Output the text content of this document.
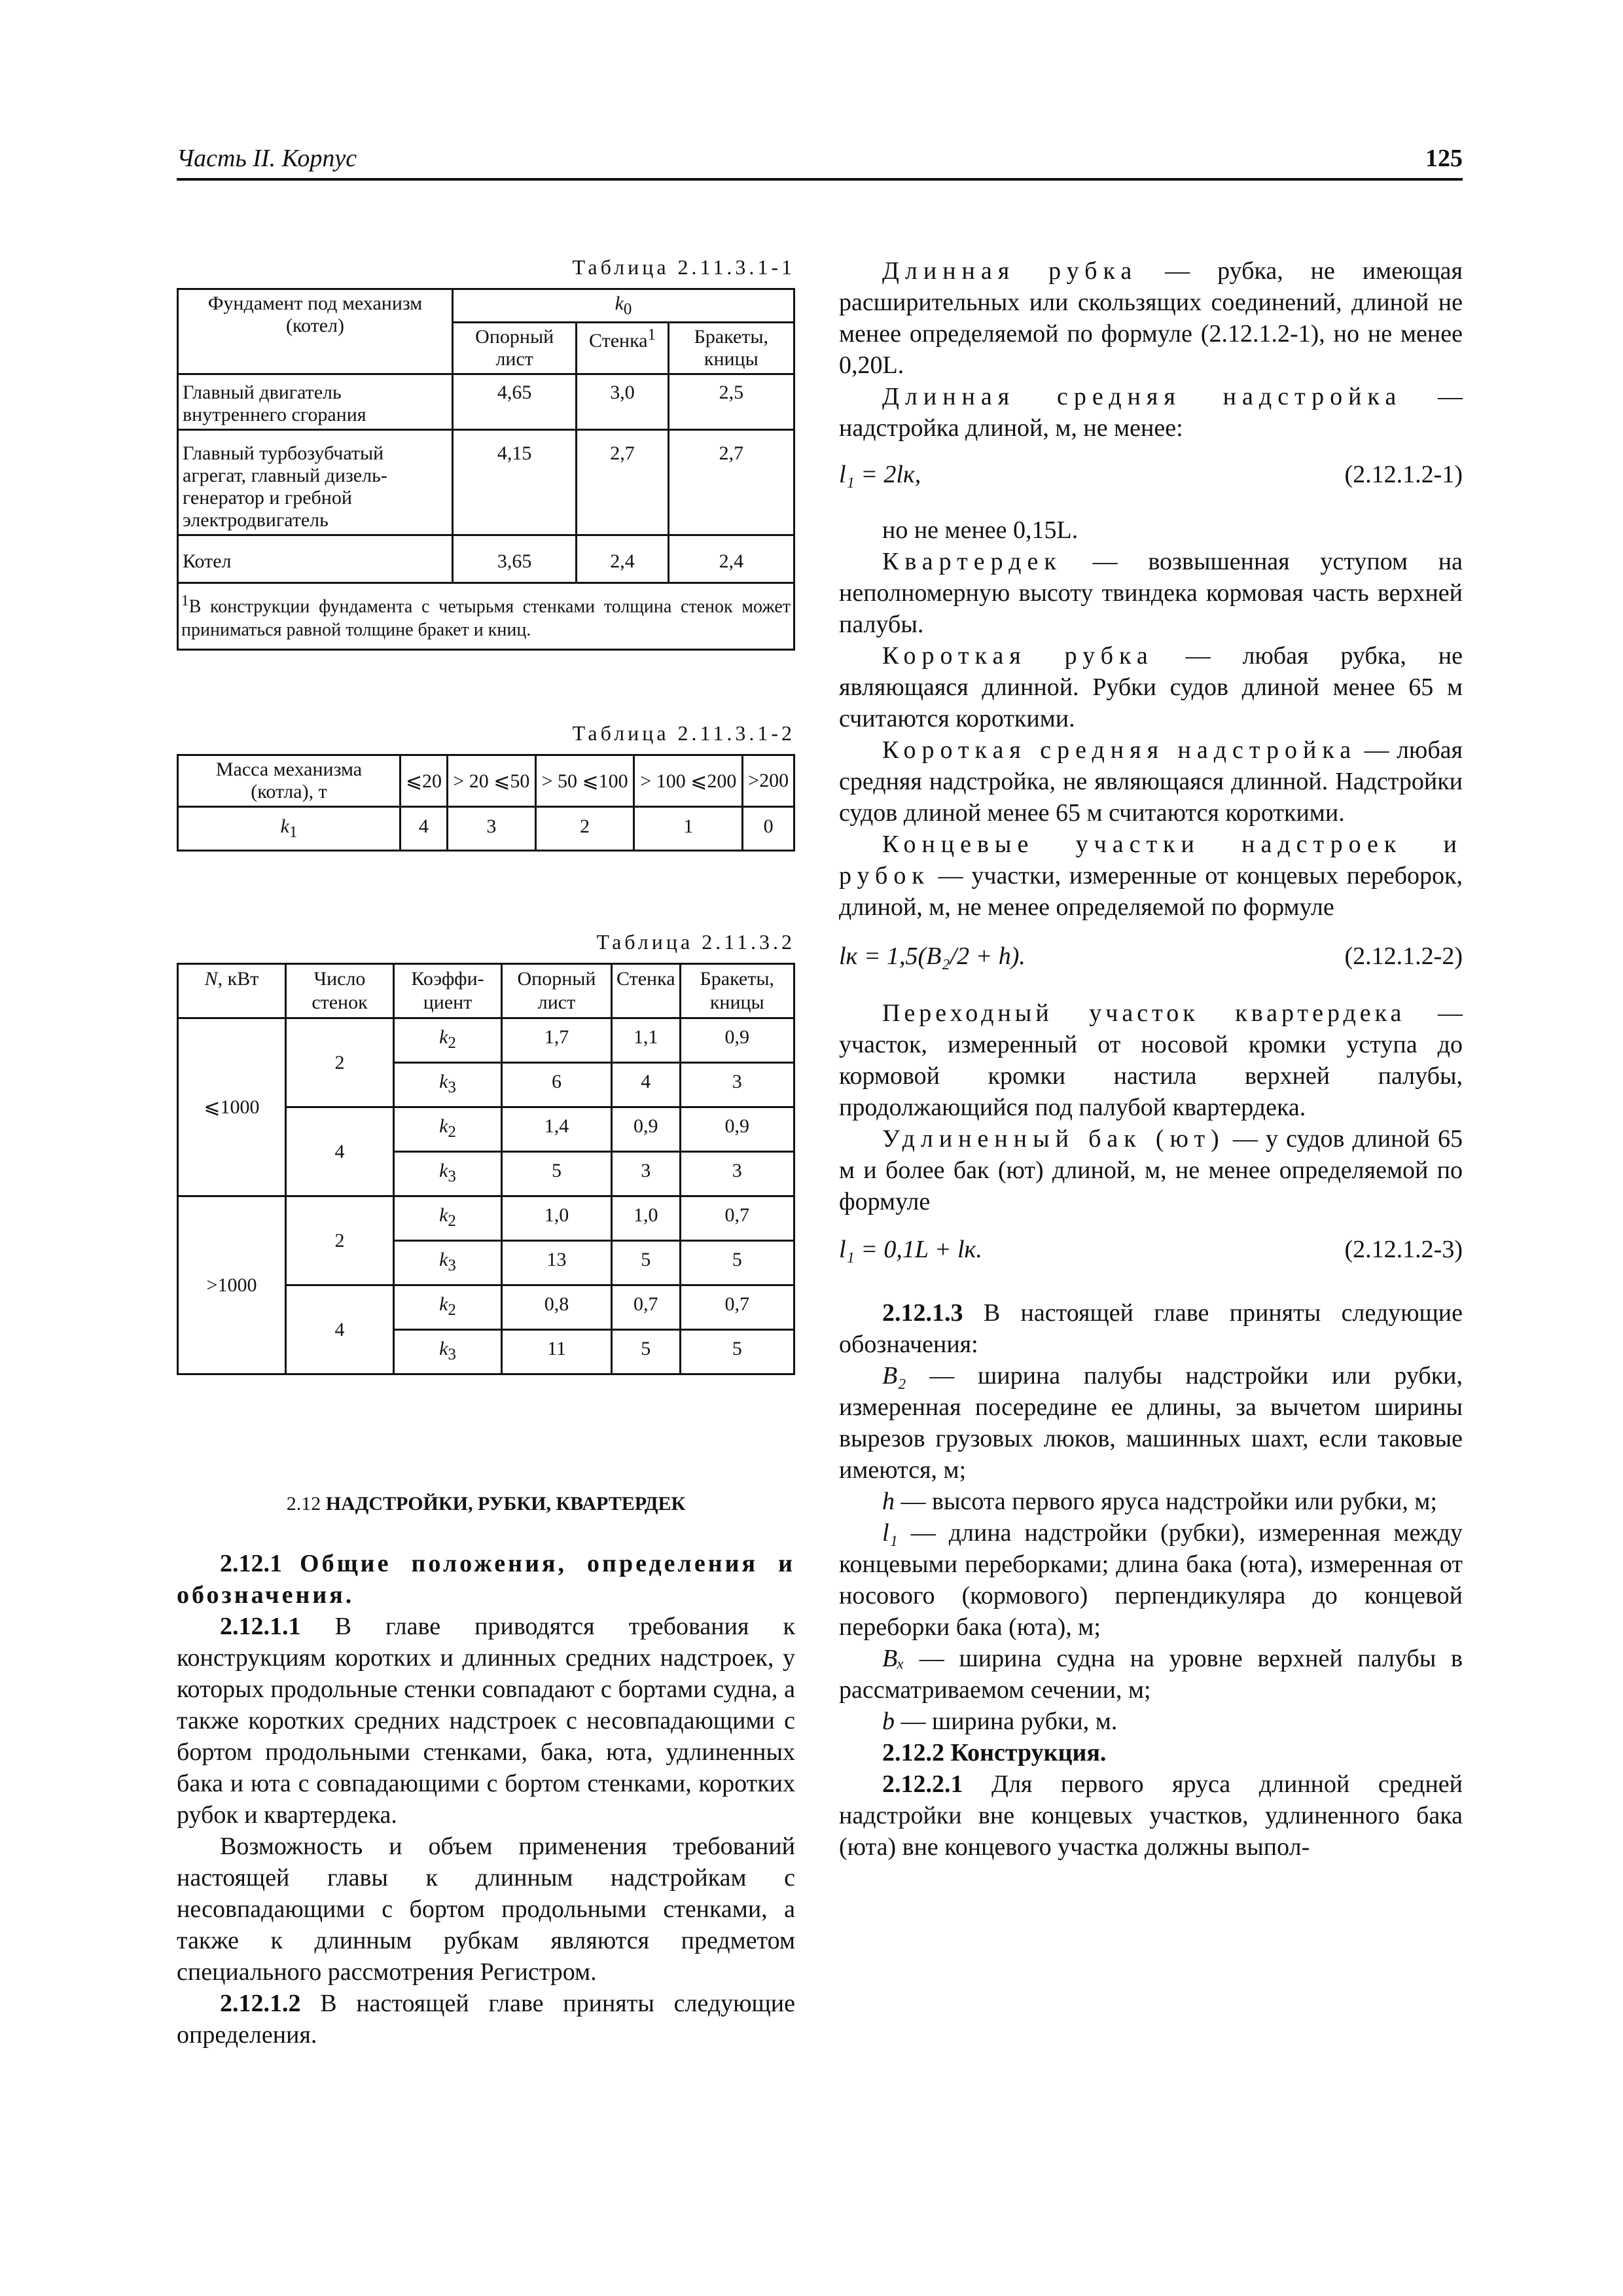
Часть II. Корпус	125
Таблица 2.11.3.1-1
Фундамент под механизм (котел)	$k_0$
	Опорный лист	Стенка$^1$	Бракеты, кницы
Главный двигатель внутреннего сгорания	4,65	3,0	2,5
Главный турбозубчатый агрегат, главный дизель-генератор и гребной электродвигатель	4,15	2,7	2,7
Котел	3,65	2,4	2,4
$^1$В конструкции фундамента с четырьмя стенками толщина стенок может приниматься равной толщине бракет и книц.			
Таблица 2.11.3.1-2
Масса механизма (котла), т	⩽20	> 20 ⩽50	> 50 ⩽100	> 100 ⩽200	>200
$k_1$	4	3	2	1	0
Таблица 2.11.3.2
N, кВт	Число стенок	Коэффи-циент	Опорный лист	Стенка	Бракеты, кницы
⩽1000	2	$k_2$	1,7	1,1	0,9
		$k_3$	6	4	3
	4	$k_2$	1,4	0,9	0,9
		$k_3$	5	3	3
>1000	2	$k_2$	1,0	1,0	0,7
		$k_3$	13	5	5
	4	$k_2$	0,8	0,7	0,7
		$k_3$	11	5	5

2.12 НАДСТРОЙКИ, РУБКИ, КВАРТЕРДЕК

2.12.1 Общие положения, определения и обозначения.

2.12.1.1 В главе приводятся требования к конструкциям коротких и длинных средних надстроек, у которых продольные стенки совпадают с бортами судна, а также коротких средних надстроек с несовпадающими с бортом продольными стенками, бака, юта, удлиненных бака и юта с совпадающими с бортом стенками, коротких рубок и квартердека.

Возможность и объем применения требований настоящей главы к длинным надстройкам с несовпадающими с бортом продольными стенками, а также к длинным рубкам являются предметом специального рассмотрения Регистром.

2.12.1.2 В настоящей главе приняты следующие определения.

Длинная рубка — рубка, не имеющая расширительных или скользящих соединений, длиной не менее определяемой по формуле (2.12.1.2-1), но не менее 0,20L.

Длинная средняя надстройка — надстройка длиной, м, не менее:

l₁ = 2lк,	(2.12.1.2-1)

но не менее 0,15L.

Квартердек — возвышенная уступом на неполномерную высоту твиндека кормовая часть верхней палубы.

Короткая рубка — любая рубка, не являющаяся длинной. Рубки судов длиной менее 65 м считаются короткими.

Короткая средняя надстройка — любая средняя надстройка, не являющаяся длинной. Надстройки судов длиной менее 65 м считаются короткими.

Концевые участки надстроек и рубок — участки, измеренные от концевых переборок, длиной, м, не менее определяемой по формуле

lк = 1,5(B₂/2 + h).	(2.12.1.2-2)

Переходный участок квартердека — участок, измеренный от носовой кромки уступа до кормовой кромки настила верхней палубы, продолжающийся под палубой квартердека.

Удлиненный бак (ют) — у судов длиной 65 м и более бак (ют) длиной, м, не менее определяемой по формуле

l₁ = 0,1L + lк.	(2.12.1.2-3)

2.12.1.3 В настоящей главе приняты следующие обозначения:

B₂ — ширина палубы надстройки или рубки, измеренная посередине ее длины, за вычетом ширины вырезов грузовых люков, машинных шахт, если таковые имеются, м;

h — высота первого яруса надстройки или рубки, м;

l₁ — длина надстройки (рубки), измеренная между концевыми переборками; длина бака (юта), измеренная от носового (кормового) перпендикуляра до концевой переборки бака (юта), м;

Bₓ — ширина судна на уровне верхней палубы в рассматриваемом сечении, м;

b — ширина рубки, м.

2.12.2 Конструкция.

2.12.2.1 Для первого яруса длинной средней надстройки вне концевых участков, удлиненного бака (юта) вне концевого участка должны выпол-
